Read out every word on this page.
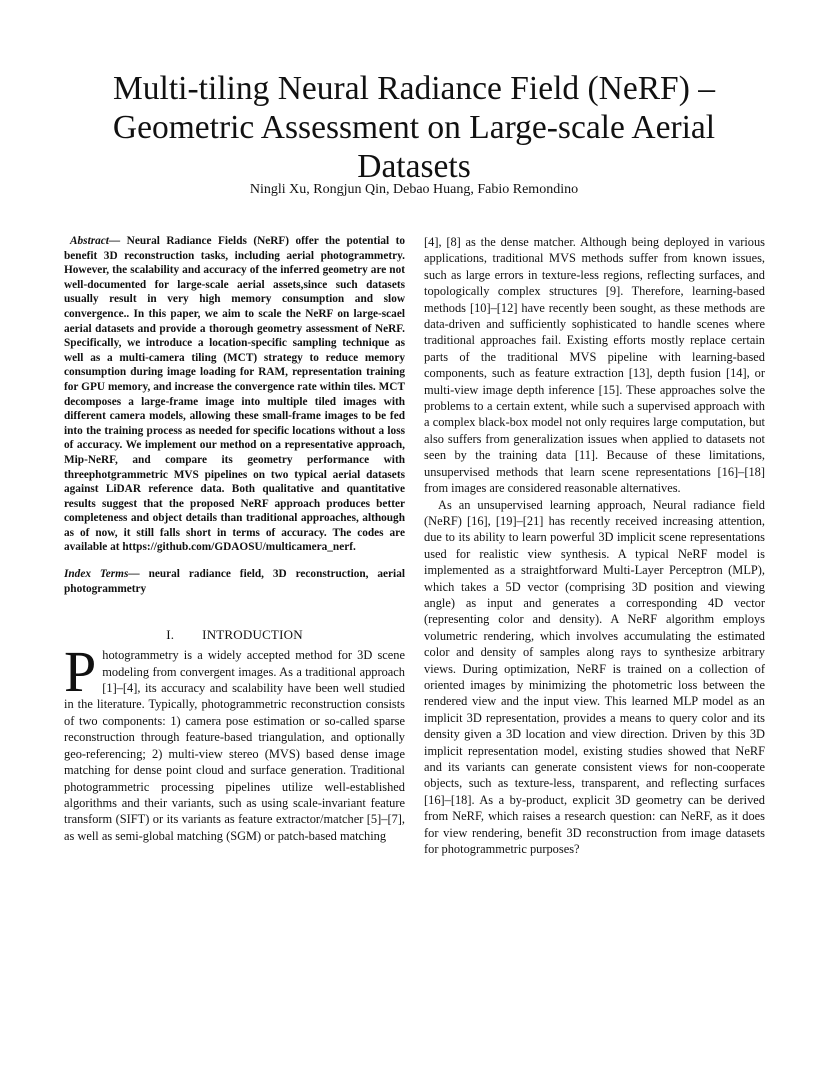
Multi-tiling Neural Radiance Field (NeRF) –
Geometric Assessment on Large-scale Aerial
Datasets
Ningli Xu, Rongjun Qin, Debao Huang, Fabio Remondino

Abstract— Neural Radiance Fields (NeRF) offer the potential to benefit 3D reconstruction tasks, including aerial photogrammetry. However, the scalability and accuracy of the inferred geometry are not well-documented for large-scale aerial assets,since such datasets usually result in very high memory consumption and slow convergence.. In this paper, we aim to scale the NeRF on large-scael aerial datasets and provide a thorough geometry assessment of NeRF. Specifically, we introduce a location-specific sampling technique as well as a multi-camera tiling (MCT) strategy to reduce memory consumption during image loading for RAM, representation training for GPU memory, and increase the convergence rate within tiles. MCT decomposes a large-frame image into multiple tiled images with different camera models, allowing these small-frame images to be fed into the training process as needed for specific locations without a loss of accuracy. We implement our method on a representative approach, Mip-NeRF, and compare its geometry performance with threephotgrammetric MVS pipelines on two typical aerial datasets against LiDAR reference data. Both qualitative and quantitative results suggest that the proposed NeRF approach produces better completeness and object details than traditional approaches, although as of now, it still falls short in terms of accuracy. The codes are available at https://github.com/GDAOSU/multicamera_nerf.

Index Terms— neural radiance field, 3D reconstruction, aerial photogrammetry

I. INTRODUCTION

Photogrammetry is a widely accepted method for 3D scene modeling from convergent images. As a traditional approach [1]–[4], its accuracy and scalability have been well studied in the literature. Typically, photogrammetric reconstruction consists of two components: 1) camera pose estimation or so-called sparse reconstruction through feature-based triangulation, and optionally geo-referencing; 2) multi-view stereo (MVS) based dense image matching for dense point cloud and surface generation. Traditional photogrammetric processing pipelines utilize well-established algorithms and their variants, such as using scale-invariant feature transform (SIFT) or its variants as feature extractor/matcher [5]–[7], as well as semi-global matching (SGM) or patch-based matching

[4], [8] as the dense matcher. Although being deployed in various applications, traditional MVS methods suffer from known issues, such as large errors in texture-less regions, reflecting surfaces, and topologically complex structures [9]. Therefore, learning-based methods [10]–[12] have recently been sought, as these methods are data-driven and sufficiently sophisticated to handle scenes where traditional approaches fail. Existing efforts mostly replace certain parts of the traditional MVS pipeline with learning-based components, such as feature extraction [13], depth fusion [14], or multi-view image depth inference [15]. These approaches solve the problems to a certain extent, while such a supervised approach with a complex black-box model not only requires large computation, but also suffers from generalization issues when applied to datasets not seen by the training data [11]. Because of these limitations, unsupervised methods that learn scene representations [16]–[18] from images are considered reasonable alternatives.

As an unsupervised learning approach, Neural radiance field (NeRF) [16], [19]–[21] has recently received increasing attention, due to its ability to learn powerful 3D implicit scene representations used for realistic view synthesis. A typical NeRF model is implemented as a straightforward Multi-Layer Perceptron (MLP), which takes a 5D vector (comprising 3D position and viewing angle) as input and generates a corresponding 4D vector (representing color and density). A NeRF algorithm employs volumetric rendering, which involves accumulating the estimated color and density of samples along rays to synthesize arbitrary views. During optimization, NeRF is trained on a collection of oriented images by minimizing the photometric loss between the rendered view and the input view. This learned MLP model as an implicit 3D representation, provides a means to query color and its density given a 3D location and view direction. Driven by this 3D implicit representation model, existing studies showed that NeRF and its variants can generate consistent views for non-cooperate objects, such as texture-less, transparent, and reflecting surfaces [16]–[18]. As a by-product, explicit 3D geometry can be derived from NeRF, which raises a research question: can NeRF, as it does for view rendering, benefit 3D reconstruction from image datasets for photogrammetric purposes?
